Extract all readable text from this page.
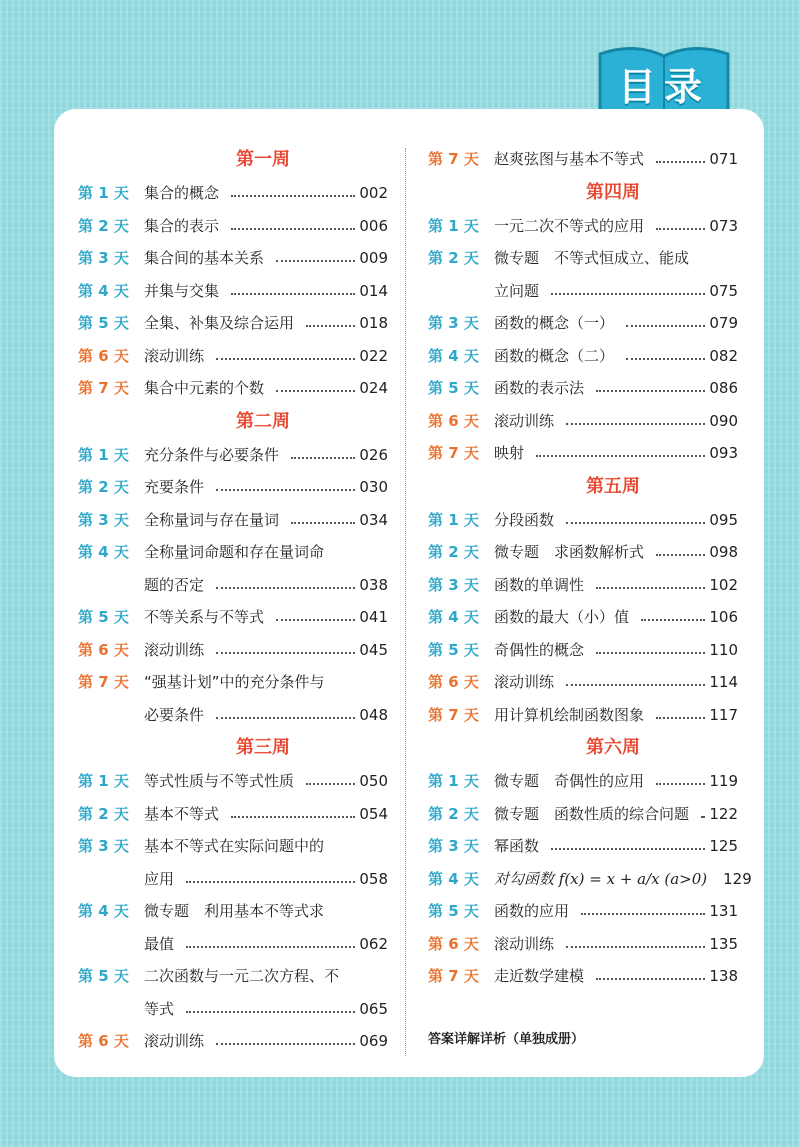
目录
第一周
第 1 天	集合的概念	002
第 2 天	集合的表示	006
第 3 天	集合间的基本关系	009
第 4 天	并集与交集	014
第 5 天	全集、补集及综合运用	018
第 6 天	滚动训练	022
第 7 天	集合中元素的个数	024
第二周
第 1 天	充分条件与必要条件	026
第 2 天	充要条件	030
第 3 天	全称量词与存在量词	034
第 4 天	全称量词命题和存在量词命
题的否定	038
第 5 天	不等关系与不等式	041
第 6 天	滚动训练	045
第 7 天	“强基计划”中的充分条件与
必要条件	048
第三周
第 1 天	等式性质与不等式性质	050
第 2 天	基本不等式	054
第 3 天	基本不等式在实际问题中的
应用	058
第 4 天	微专题　利用基本不等式求
最值	062
第 5 天	二次函数与一元二次方程、不
等式	065
第 6 天	滚动训练	069
第 7 天	赵爽弦图与基本不等式	071
第四周
第 1 天	一元二次不等式的应用	073
第 2 天	微专题　不等式恒成立、能成
立问题	075
第 3 天	函数的概念（一）	079
第 4 天	函数的概念（二）	082
第 5 天	函数的表示法	086
第 6 天	滚动训练	090
第 7 天	映射	093
第五周
第 1 天	分段函数	095
第 2 天	微专题　求函数解析式	098
第 3 天	函数的单调性	102
第 4 天	函数的最大（小）值	106
第 5 天	奇偶性的概念	110
第 6 天	滚动训练	114
第 7 天	用计算机绘制函数图象	117
第六周
第 1 天	微专题　奇偶性的应用	119
第 2 天	微专题　函数性质的综合问题 122
第 3 天	幂函数	125
第 4 天	对勾函数 f(x) = x + a/x (a>0) 129
第 5 天	函数的应用	131
第 6 天	滚动训练	135
第 7 天	走近数学建模	138
答案详解详析（单独成册）
